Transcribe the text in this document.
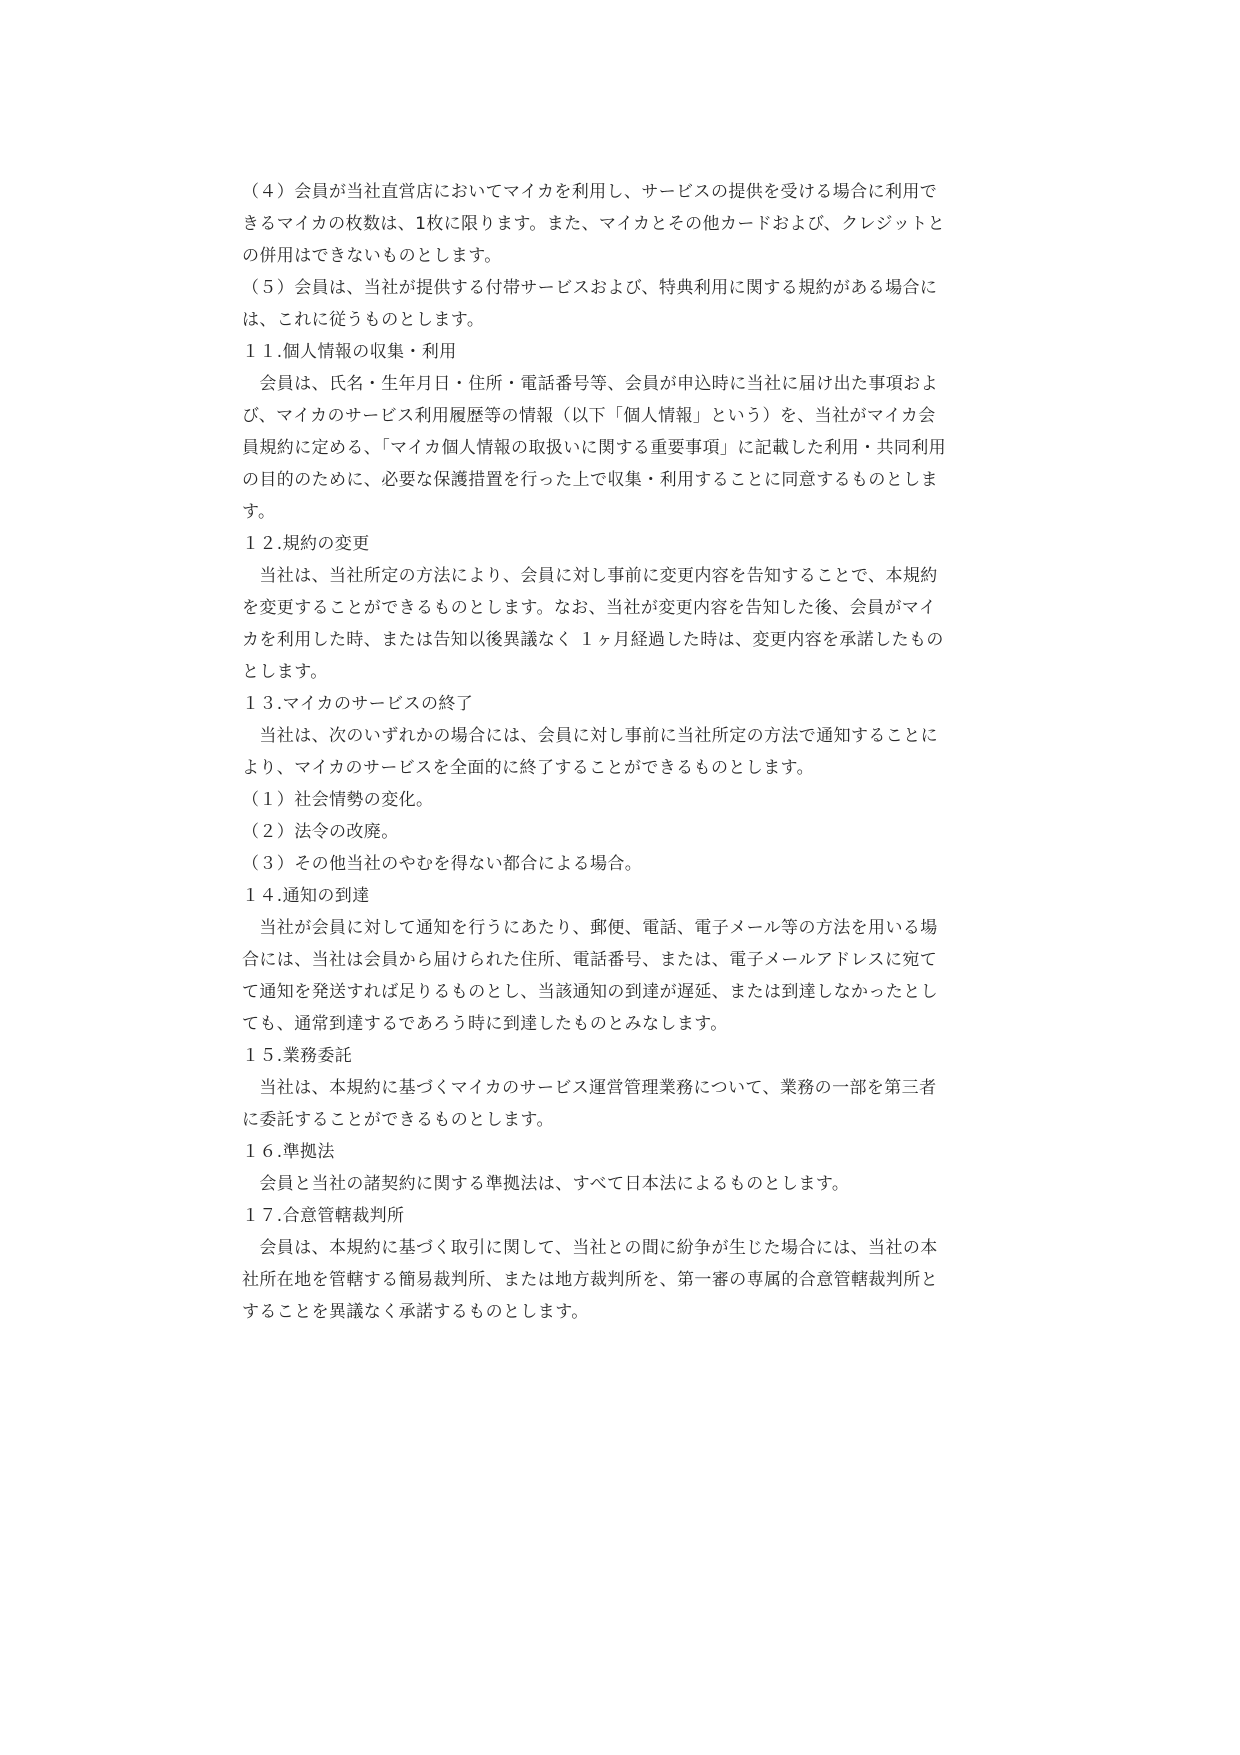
（４）会員が当社直営店においてマイカを利用し、サービスの提供を受ける場合に利用で
きるマイカの枚数は、1枚に限ります。また、マイカとその他カードおよび、クレジットと
の併用はできないものとします。
（５）会員は、当社が提供する付帯サービスおよび、特典利用に関する規約がある場合に
は、これに従うものとします。
１１.個人情報の収集・利用
　会員は、氏名・生年月日・住所・電話番号等、会員が申込時に当社に届け出た事項およ
び、マイカのサービス利用履歴等の情報（以下「個人情報」という）を、当社がマイカ会
員規約に定める、「マイカ個人情報の取扱いに関する重要事項」に記載した利用・共同利用
の目的のために、必要な保護措置を行った上で収集・利用することに同意するものとしま
す。
１２.規約の変更
　当社は、当社所定の方法により、会員に対し事前に変更内容を告知することで、本規約
を変更することができるものとします。なお、当社が変更内容を告知した後、会員がマイ
カを利用した時、または告知以後異議なく １ヶ月経過した時は、変更内容を承諾したもの
とします。
１３.マイカのサービスの終了
　当社は、次のいずれかの場合には、会員に対し事前に当社所定の方法で通知することに
より、マイカのサービスを全面的に終了することができるものとします。
（１）社会情勢の変化。
（２）法令の改廃。
（３）その他当社のやむを得ない都合による場合。
１４.通知の到達
　当社が会員に対して通知を行うにあたり、郵便、電話、電子メール等の方法を用いる場
合には、当社は会員から届けられた住所、電話番号、または、電子メールアドレスに宛て
て通知を発送すれば足りるものとし、当該通知の到達が遅延、または到達しなかったとし
ても、通常到達するであろう時に到達したものとみなします。
１５.業務委託
　当社は、本規約に基づくマイカのサービス運営管理業務について、業務の一部を第三者
に委託することができるものとします。
１６.準拠法
　会員と当社の諸契約に関する準拠法は、すべて日本法によるものとします。
１７.合意管轄裁判所
　会員は、本規約に基づく取引に関して、当社との間に紛争が生じた場合には、当社の本
社所在地を管轄する簡易裁判所、または地方裁判所を、第一審の専属的合意管轄裁判所と
することを異議なく承諾するものとします。
